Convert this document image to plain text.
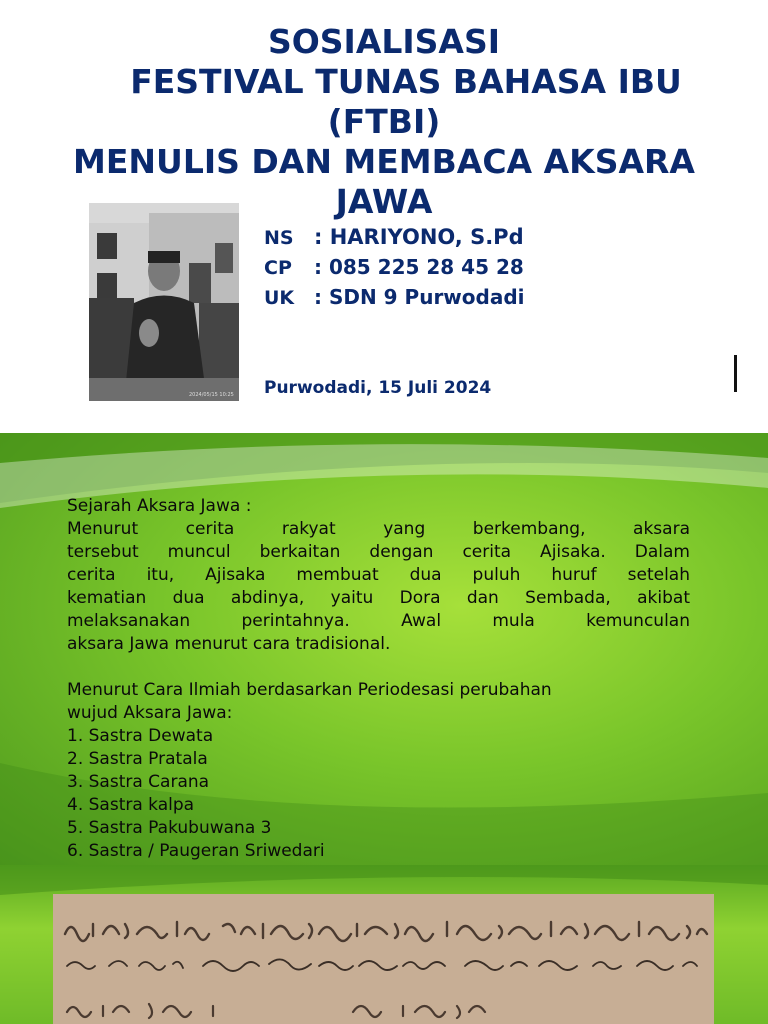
SOSIALISASI
FESTIVAL TUNAS BAHASA IBU
(FTBI)
MENULIS DAN MEMBACA AKSARA
JAWA
2024/05/15 10:25
NS : HARIYONO, S.Pd
CP : 085 225 28 45 28
UK : SDN 9 Purwodadi
Purwodadi, 15 Juli 2024
Sejarah Aksara Jawa :
Menurut cerita rakyat yang berkembang, aksara
tersebut muncul berkaitan dengan cerita Ajisaka. Dalam
cerita itu, Ajisaka membuat dua puluh huruf setelah
kematian dua abdinya, yaitu Dora dan Sembada, akibat
melaksanakan perintahnya. Awal mula kemunculan
aksara Jawa menurut cara tradisional.
Menurut Cara Ilmiah berdasarkan Periodesasi perubahan
wujud Aksara Jawa:
1. Sastra Dewata
2. Sastra Pratala
3. Sastra Carana
4. Sastra kalpa
5. Sastra Pakubuwana 3
6. Sastra / Paugeran Sriwedari
